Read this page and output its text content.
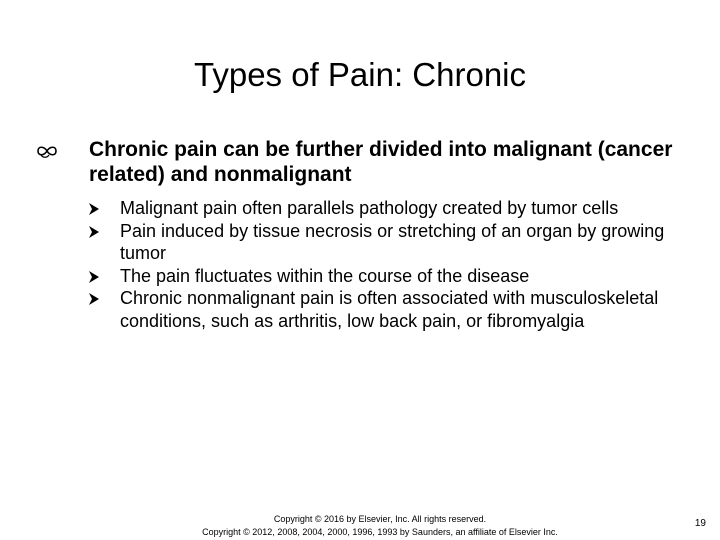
Types of Pain: Chronic
Chronic pain can be further divided into malignant (cancer related) and nonmalignant
Malignant pain often parallels pathology created by tumor cells
Pain induced by tissue necrosis or stretching of an organ by growing tumor
The pain fluctuates within the course of the disease
Chronic nonmalignant pain is often associated with musculoskeletal conditions, such as arthritis, low back pain, or fibromyalgia
Copyright © 2016 by Elsevier, Inc. All rights reserved.
Copyright © 2012, 2008, 2004, 2000, 1996, 1993 by Saunders, an affiliate of Elsevier Inc.
19
